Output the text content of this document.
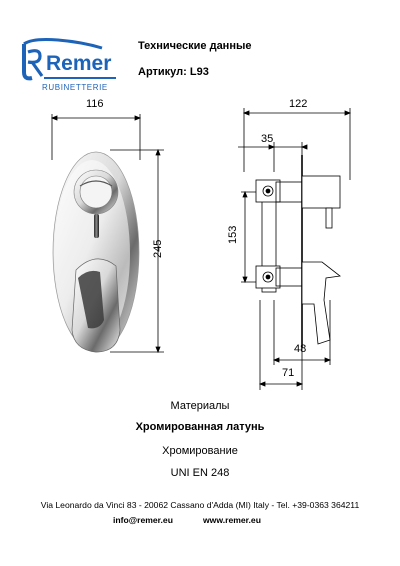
Remer
RUBINETTERIE
Технические данные
Артикул: L93
116
245
122
35
153
48
71
Материалы
Хромированная латунь
Хромирование
UNI EN 248
Via Leonardo da Vinci 83 - 20062 Cassano d'Adda (MI) Italy - Tel. +39-0363 364211
info@remer.eu	www.remer.eu
